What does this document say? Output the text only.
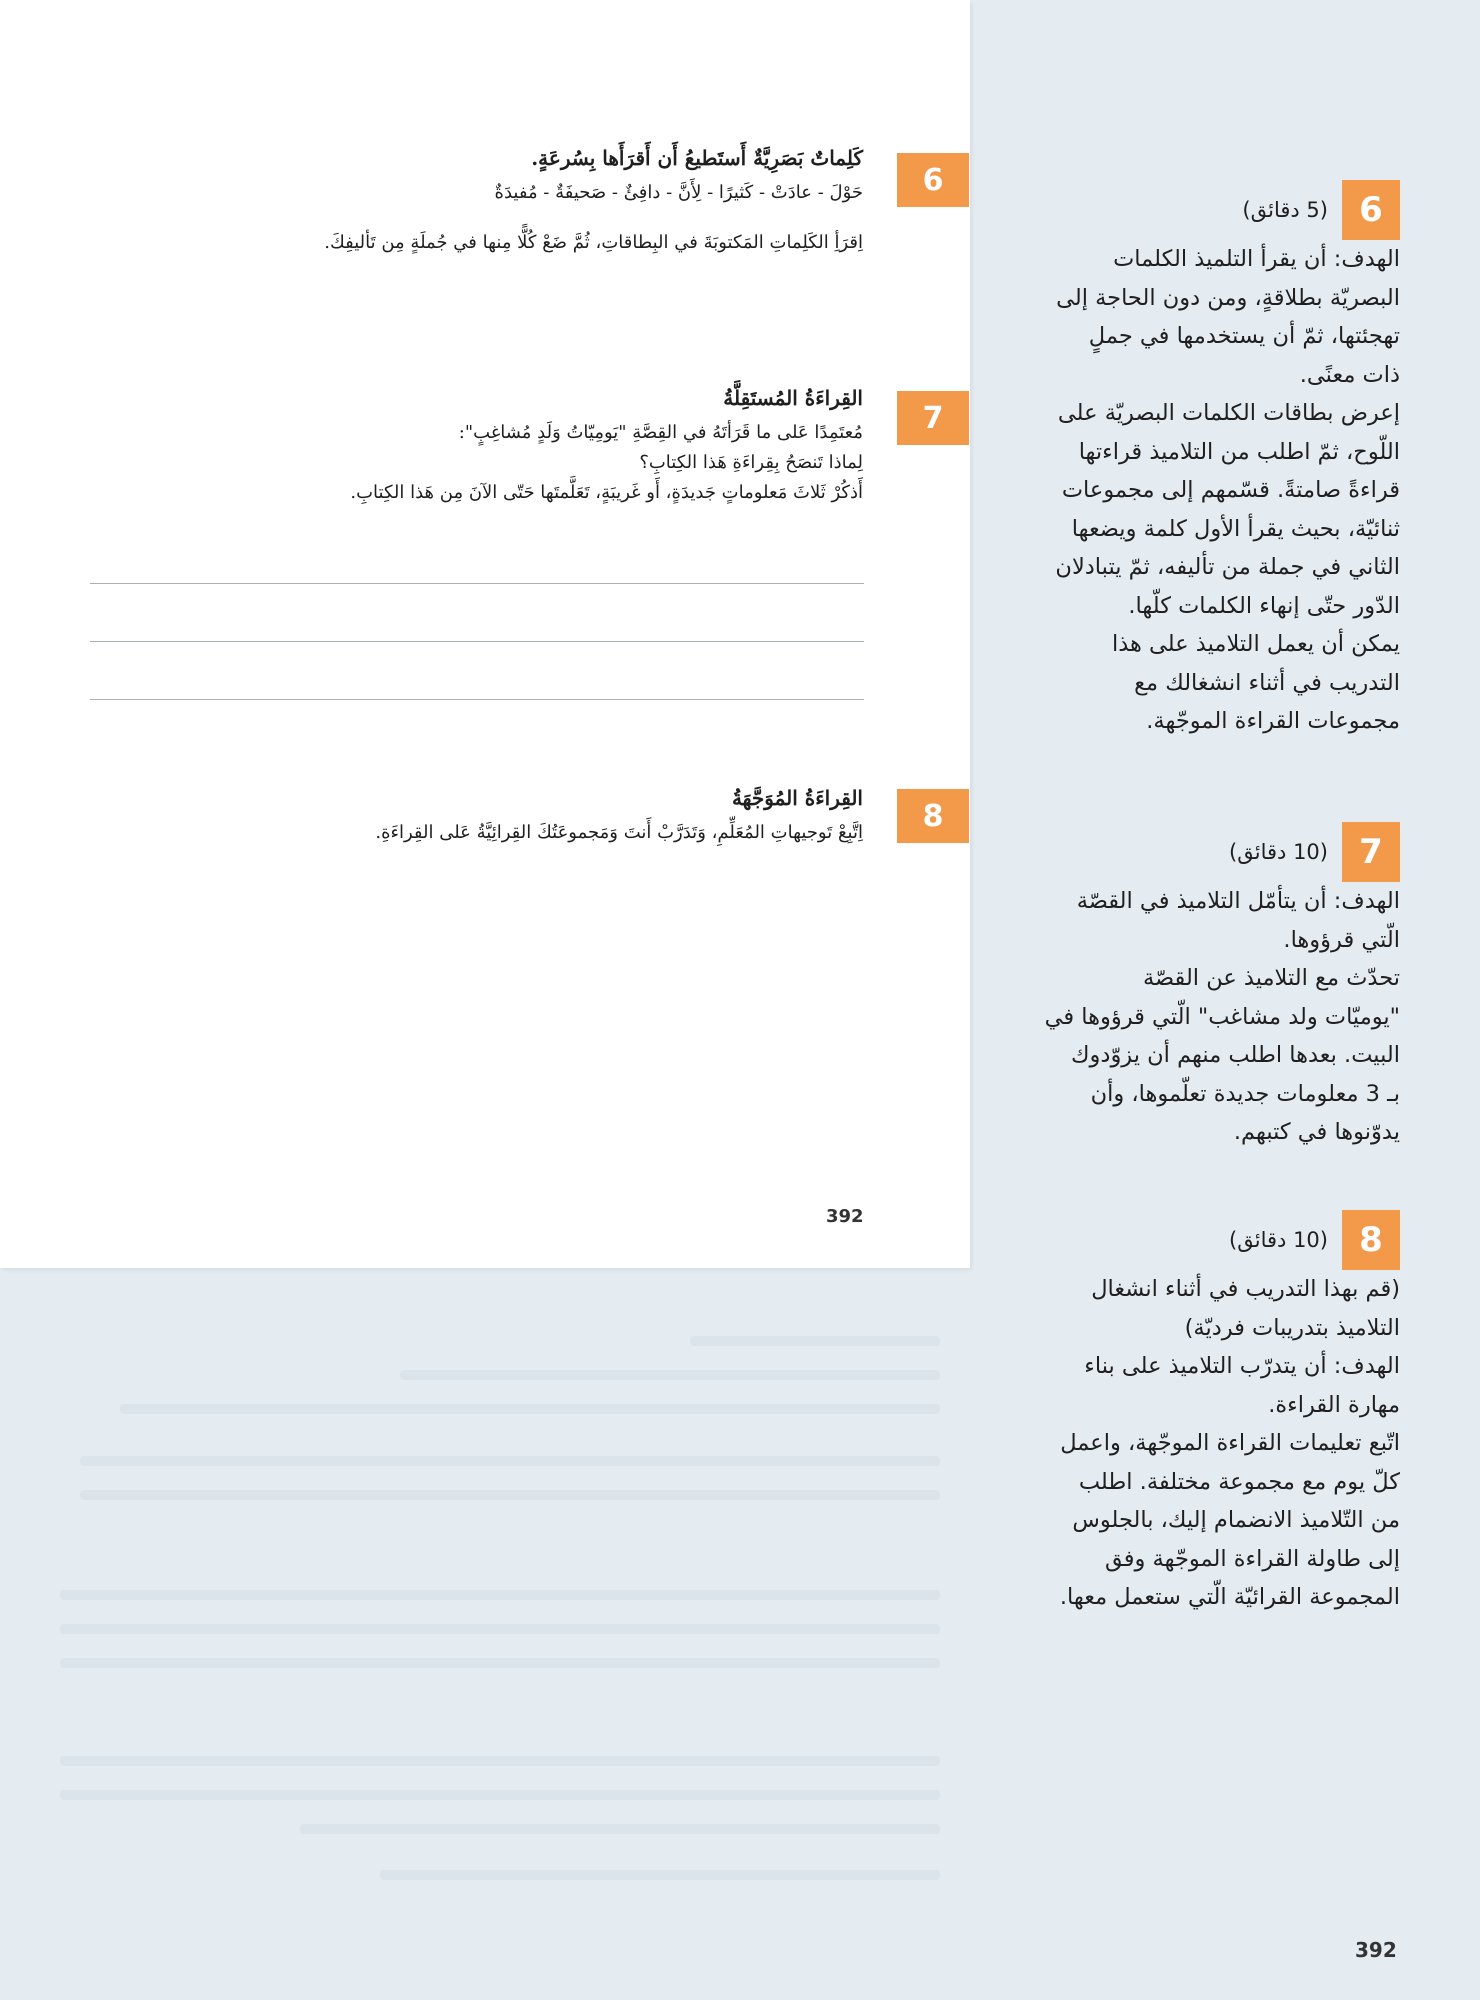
6

كَلِماتٌ بَصَرِيَّةٌ أَستَطيعُ أَن أَقرَأَها بِسُرعَةٍ.

حَوْلَ - عادَتْ - كَثيرًا - لِأَنَّ - دافِئٌ - صَحيفَةٌ - مُفيدَةٌ

اِقرَأِ الكَلِماتِ المَكتوبَةَ في البِطاقاتِ، ثُمَّ ضَعْ كُلًّا مِنها في جُملَةٍ مِن تَأليفِكَ.

7

القِراءَةُ المُستَقِلَّةُ

مُعتَمِدًا عَلى ما قَرَأتَهُ في القِصَّةِ "يَومِيّاتُ وَلَدٍ مُشاغِبٍ":

لِماذا تَنصَحُ بِقِراءَةِ هَذا الكِتابِ؟

أَذكُرْ ثَلاثَ مَعلوماتٍ جَديدَةٍ، أَو غَريبَةٍ، تَعَلَّمتَها حَتّى الآنَ مِن هَذا الكِتابِ.

8

القِراءَةُ المُوَجَّهَةُ

اِتَّبِعْ تَوجيهاتِ المُعَلِّمِ، وَتَدَرَّبْ أَنتَ وَمَجموعَتُكَ القِرائِيَّةُ عَلى القِراءَةِ.

392
6
(5 دقائق)

الهدف: أن يقرأ التلميذ الكلمات

البصريّة بطلاقةٍ، ومن دون الحاجة إلى

تهجئتها، ثمّ أن يستخدمها في جملٍ

ذات معنًى.

إعرض بطاقات الكلمات البصريّة على

اللّوح، ثمّ اطلب من التلاميذ قراءتها

قراءةً صامتةً. قسّمهم إلى مجموعات

ثنائيّة، بحيث يقرأ الأول كلمة ويضعها

الثاني في جملة من تأليفه، ثمّ يتبادلان

الدّور حتّى إنهاء الكلمات كلّها.

يمكن أن يعمل التلاميذ على هذا

التدريب في أثناء انشغالك مع

مجموعات القراءة الموجّهة.

7
(10 دقائق)

الهدف: أن يتأمّل التلاميذ في القصّة

الّتي قرؤوها.

تحدّث مع التلاميذ عن القصّة

"يوميّات ولد مشاغب" الّتي قرؤوها في

البيت. بعدها اطلب منهم أن يزوّدوك

بـ 3 معلومات جديدة تعلّموها، وأن

يدوّنوها في كتبهم.

8
(10 دقائق)

(قم بهذا التدريب في أثناء انشغال

التلاميذ بتدريبات فرديّة)

الهدف: أن يتدرّب التلاميذ على بناء

مهارة القراءة.

اتّبع تعليمات القراءة الموجّهة، واعمل

كلّ يوم مع مجموعة مختلفة. اطلب

من التّلاميذ الانضمام إليك، بالجلوس

إلى طاولة القراءة الموجّهة وفق

المجموعة القرائيّة الّتي ستعمل معها.

392
